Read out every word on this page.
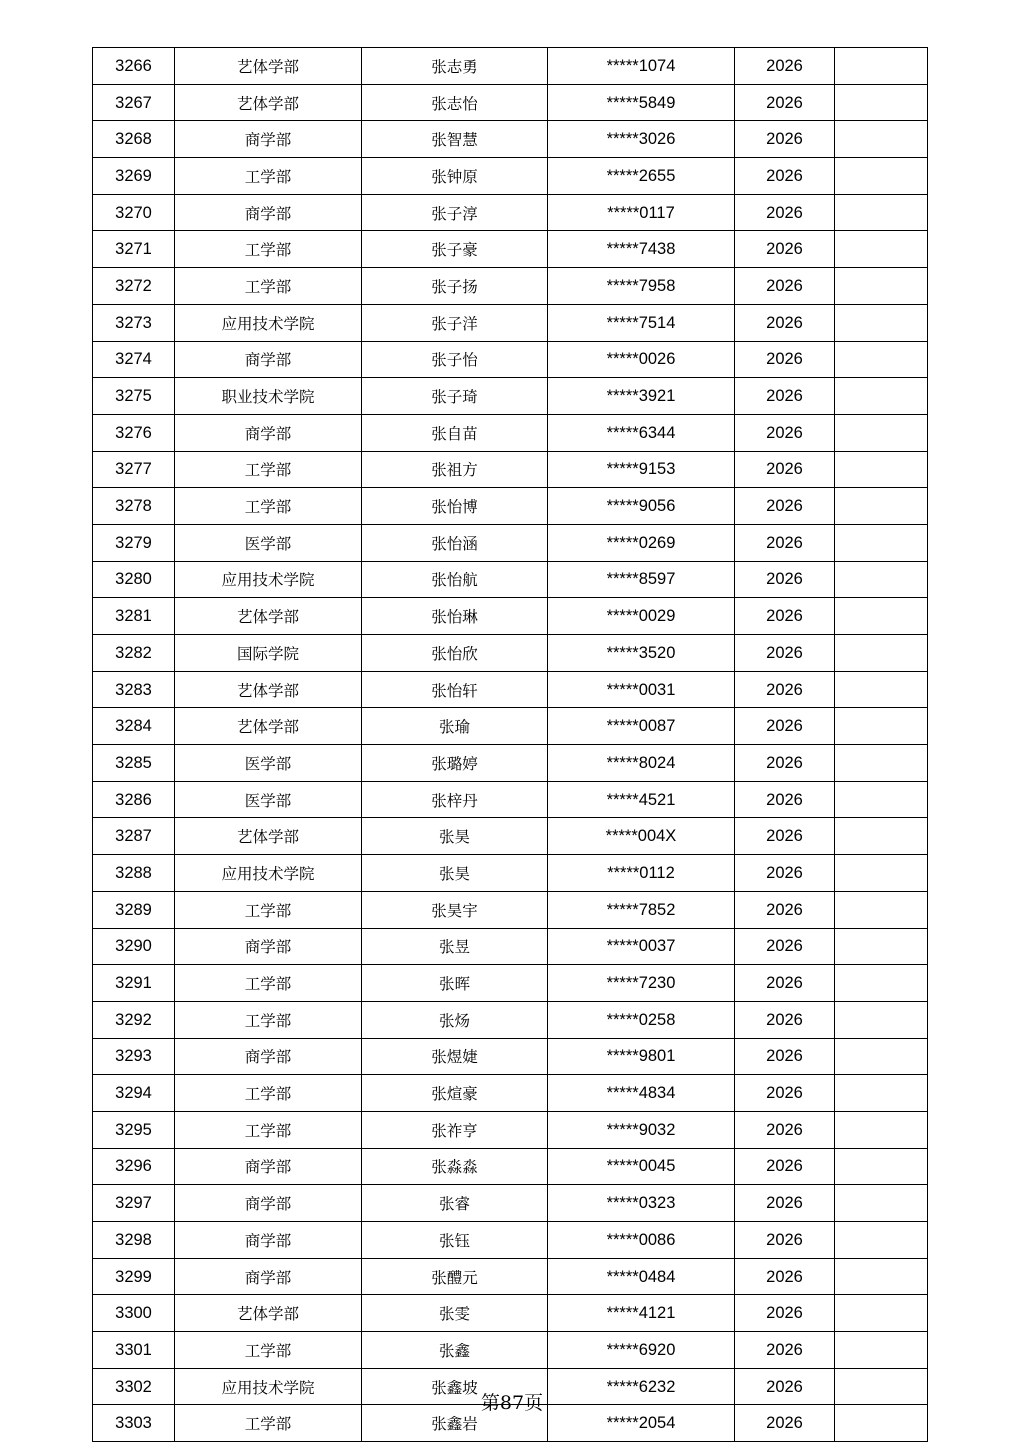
3266	艺体学部	张志勇	*****1074	2026	
3267	艺体学部	张志怡	*****5849	2026	
3268	商学部	张智慧	*****3026	2026	
3269	工学部	张钟原	*****2655	2026	
3270	商学部	张子淳	*****0117	2026	
3271	工学部	张子豪	*****7438	2026	
3272	工学部	张子扬	*****7958	2026	
3273	应用技术学院	张子洋	*****7514	2026	
3274	商学部	张子怡	*****0026	2026	
3275	职业技术学院	张子琦	*****3921	2026	
3276	商学部	张自苗	*****6344	2026	
3277	工学部	张祖方	*****9153	2026	
3278	工学部	张怡博	*****9056	2026	
3279	医学部	张怡涵	*****0269	2026	
3280	应用技术学院	张怡航	*****8597	2026	
3281	艺体学部	张怡琳	*****0029	2026	
3282	国际学院	张怡欣	*****3520	2026	
3283	艺体学部	张怡轩	*****0031	2026	
3284	艺体学部	张瑜	*****0087	2026	
3285	医学部	张璐婷	*****8024	2026	
3286	医学部	张梓丹	*****4521	2026	
3287	艺体学部	张昊	*****004X	2026	
3288	应用技术学院	张昊	*****0112	2026	
3289	工学部	张昊宇	*****7852	2026	
3290	商学部	张昱	*****0037	2026	
3291	工学部	张晖	*****7230	2026	
3292	工学部	张炀	*****0258	2026	
3293	商学部	张煜婕	*****9801	2026	
3294	工学部	张煊豪	*****4834	2026	
3295	工学部	张祚亨	*****9032	2026	
3296	商学部	张淼淼	*****0045	2026	
3297	商学部	张睿	*****0323	2026	
3298	商学部	张钰	*****0086	2026	
3299	商学部	张醴元	*****0484	2026	
3300	艺体学部	张雯	*****4121	2026	
3301	工学部	张鑫	*****6920	2026	
3302	应用技术学院	张鑫坡	*****6232	2026	
3303	工学部	张鑫岩	*****2054	2026	
第87页
